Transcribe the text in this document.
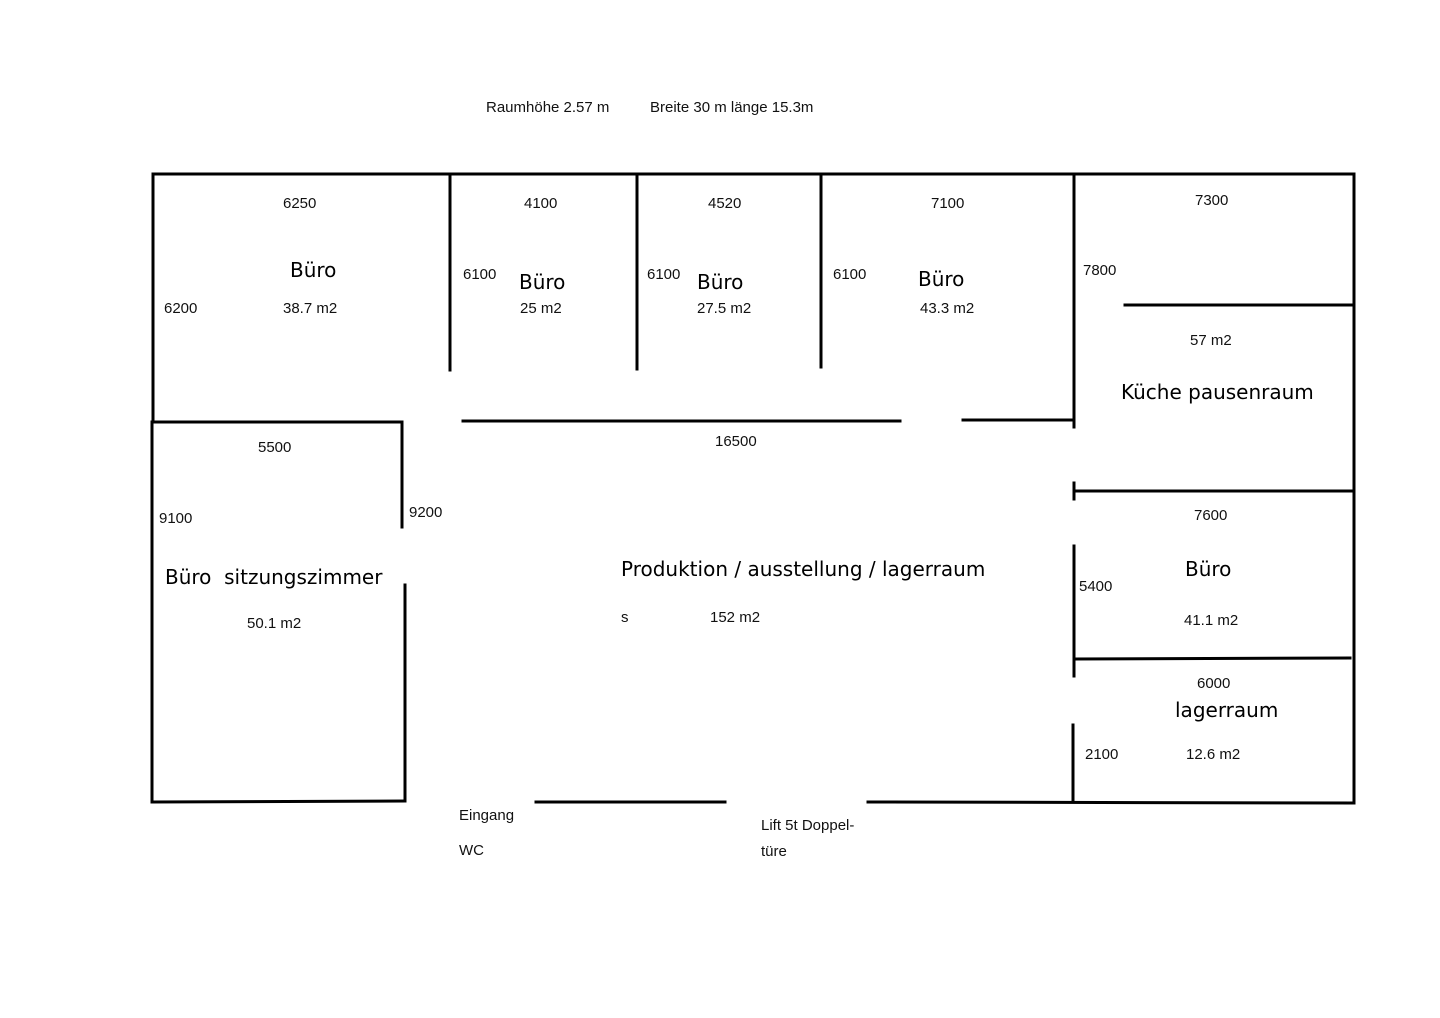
Raumhöhe 2.57 m	Breite 30 m länge 15.3m
6250
Büro
6200	38.7 m2
4100
6100 Büro
25 m2
4520
6100 Büro
27.5 m2
7100
6100	Büro
43.3 m2
7300
7800
57 m2
Küche pausenraum
5500
9100	9200
Büro  sitzungszimmer
50.1 m2
16500
Produktion / ausstellung / lagerraum
s	152 m2
7600
Büro
5400
41.1 m2
6000
lagerraum
2100	12.6 m2
Eingang
WC
Lift 5t Doppel-
türe
